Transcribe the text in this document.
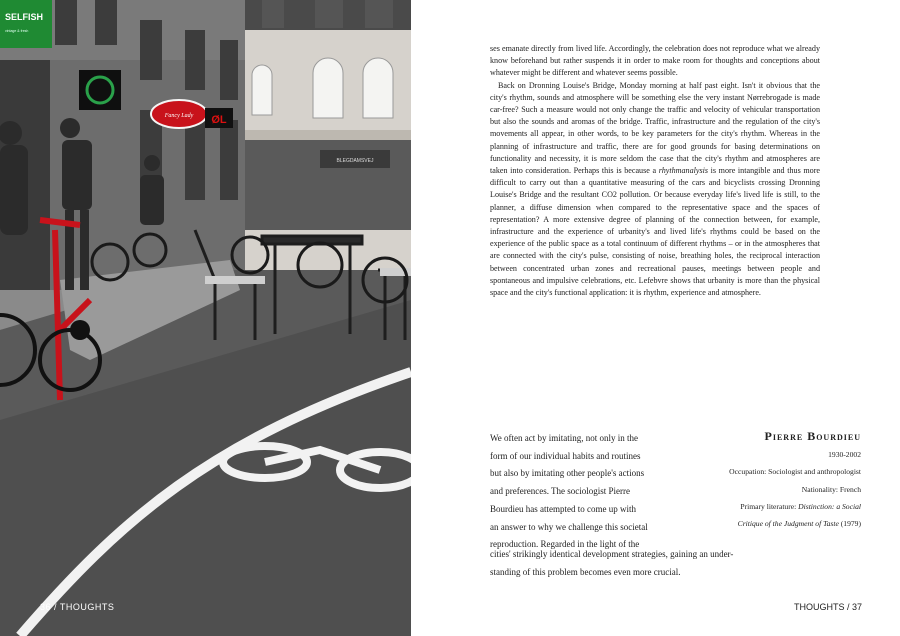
BLEGDAMSVEJ
SELFISH
vintage & fresh
Fancy Lady ØL
36 / THOUGHTS

ses emanate directly from lived life. Accordingly, the celebration does not reproduce what we already know beforehand but rather suspends it in order to make room for thoughts and conceptions about whatever might be different and whatever seems possible.

Back on Dronning Louise's Bridge, Monday morning at half past eight. Isn't it obvious that the city's rhythm, sounds and atmosphere will be something else the very instant Nørrebrogade is made car-free? Such a measure would not only change the traffic and velocity of vehicular transportation but also the sounds and aromas of the bridge. Traffic, infrastructure and the regulation of the city's movements all appear, in other words, to be key parameters for the city's rhythm. Whereas in the planning of infrastructure and traffic, there are for good grounds for basing determinations on functionality and necessity, it is more seldom the case that the city's rhythm and atmospheres are taken into consideration. Perhaps this is because a rhythmanalysis is more intangible and thus more difficult to carry out than a quantitative measuring of the cars and bicyclists crossing Dronning Louise's Bridge and the resultant CO2 pollution. Or because everyday life's lived life is still, to the planner, a diffuse dimension when compared to the representative space and the spaces of representation? A more extensive degree of planning of the connection between, for example, infrastructure and the experience of urbanity's and lived life's rhythms could be based on the experience of the public space as a total continuum of different rhythms – or in the atmospheres that are connected with the city's pulse, consisting of noise, breathing holes, the reciprocal interaction between concentrated urban zones and recreational pauses, meetings between people and spontaneous and impulsive celebrations, etc. Lefebvre shows that urbanity is more than the physical space and the city's functional application: it is rhythm, experience and atmosphere.

We often act by imitating, not only in the
form of our individual habits and routines
but also by imitating other people's actions
and preferences. The sociologist Pierre
Bourdieu has attempted to come up with
an answer to why we challenge this societal
reproduction. Regarded in the light of the
cities' strikingly identical development strategies, gaining an under-
standing of this problem becomes even more crucial.
Pierre Bourdieu
1930-2002
Occupation: Sociologist and anthropologist
Nationality: French
Primary literature: Distinction: a Social
Critique of the Judgment of Taste (1979)
THOUGHTS / 37
